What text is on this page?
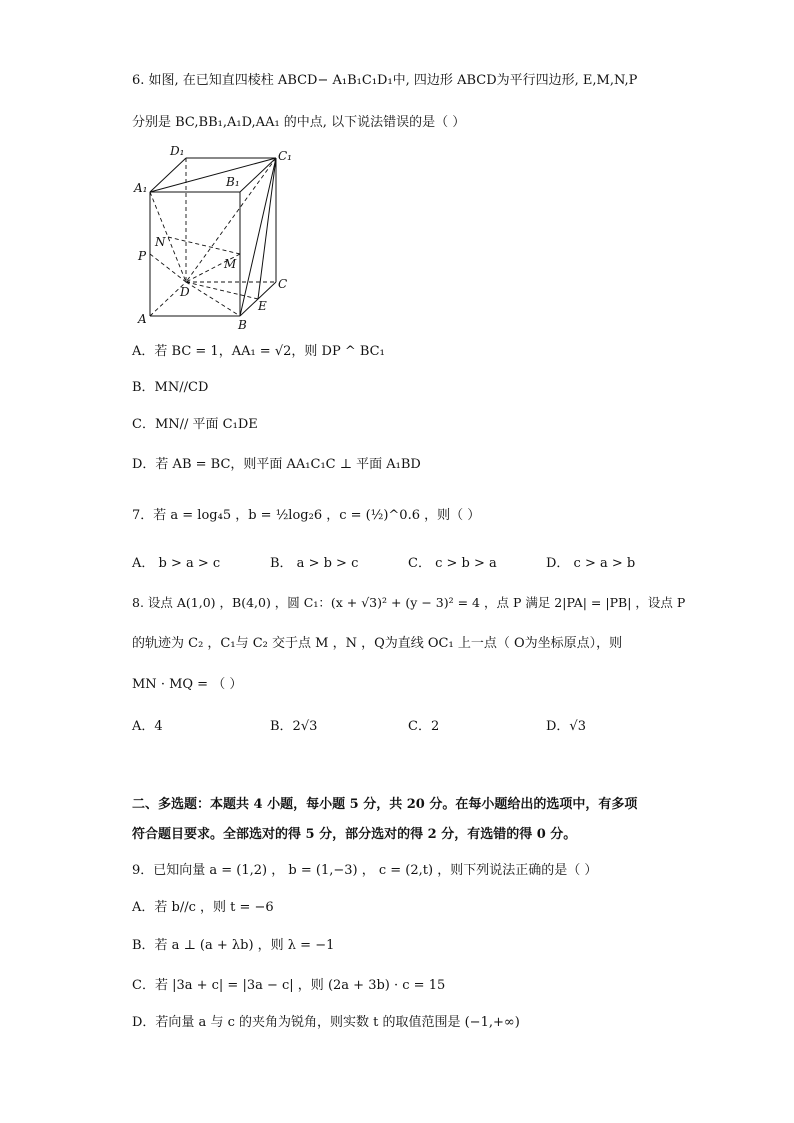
6. 如图, 在已知直四棱柱 ABCD− A₁B₁C₁D₁中, 四边形 ABCD为平行四边形, E,M,N,P
分别是 BC,BB₁,A₁D,AA₁ 的中点, 以下说法错误的是（ ）
D₁	C₁
A₁	B₁
N
P
M
D
C
E
A	B
A．若 BC = 1，AA₁ = √2，则 DP ^ BC₁
B．MN//CD
C．MN// 平面 C₁DE
D．若 AB = BC，则平面 AA₁C₁C ⊥ 平面 A₁BD
7．若 a = log₄5 ，b = ½log₂6 ，c = (½)^0.6 ，则（ ）
A． b > a > c	B． a > b > c	C． c > b > a	D． c > a > b
8. 设点 A(1,0) ，B(4,0) ，圆 C₁：(x + √3)² + (y − 3)² = 4 ，点 P 满足 2|PA| = |PB| ，设点 P
的轨迹为 C₂ ，C₁与 C₂ 交于点 M ，N ，Q为直线 OC₁ 上一点（ O为坐标原点），则
MN · MQ = （ ）
A．4	B．2√3	C．2	D．√3
二、多选题：本题共 4 小题，每小题 5 分，共 20 分。在每小题给出的选项中，有多项
符合题目要求。全部选对的得 5 分，部分选对的得 2 分，有选错的得 0 分。
9．已知向量 a = (1,2) ， b = (1,−3) ， c = (2,t) ，则下列说法正确的是（ ）
A．若 b//c ，则 t = −6
B．若 a ⊥ (a + λb) ，则 λ = −1
C．若 |3a + c| = |3a − c| ，则 (2a + 3b) · c = 15
D．若向量 a 与 c 的夹角为锐角，则实数 t 的取值范围是 (−1,+∞)
